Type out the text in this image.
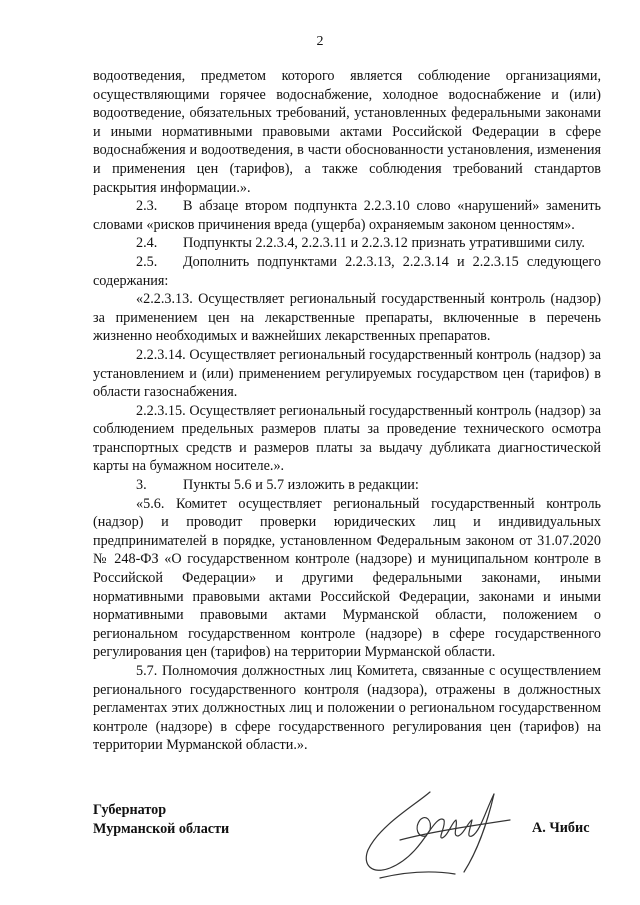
2

водоотведения, предметом которого является соблюдение организациями, осуществляющими горячее водоснабжение, холодное водоснабжение и (или) водоотведение, обязательных требований, установленных федеральными законами и иными нормативными правовыми актами Российской Федерации в сфере водоснабжения и водоотведения, в части обоснованности установления, изменения и применения цен (тарифов), а также соблюдения требований стандартов раскрытия информации.».

2.3. В абзаце втором подпункта 2.2.3.10 слово «нарушений» заменить словами «рисков причинения вреда (ущерба) охраняемым законом ценностям».

2.4. Подпункты 2.2.3.4, 2.2.3.11 и 2.2.3.12 признать утратившими силу.

2.5. Дополнить подпунктами 2.2.3.13, 2.2.3.14 и 2.2.3.15 следующего содержания:

«2.2.3.13. Осуществляет региональный государственный контроль (надзор) за применением цен на лекарственные препараты, включенные в перечень жизненно необходимых и важнейших лекарственных препаратов.

2.2.3.14. Осуществляет региональный государственный контроль (надзор) за установлением и (или) применением регулируемых государством цен (тарифов) в области газоснабжения.

2.2.3.15. Осуществляет региональный государственный контроль (надзор) за соблюдением предельных размеров платы за проведение технического осмотра транспортных средств и размеров платы за выдачу дубликата диагностической карты на бумажном носителе.».

3.	Пункты 5.6 и 5.7 изложить в редакции:

«5.6. Комитет осуществляет региональный государственный контроль (надзор) и проводит проверки юридических лиц и индивидуальных предпринимателей в порядке, установленном Федеральным законом от 31.07.2020 № 248-ФЗ «О государственном контроле (надзоре) и муниципальном контроле в Российской Федерации» и другими федеральными законами, иными нормативными правовыми актами Российской Федерации, законами и иными нормативными правовыми актами Мурманской области, положением о региональном государственном контроле (надзоре) в сфере государственного регулирования цен (тарифов) на территории Мурманской области.

5.7. Полномочия должностных лиц Комитета, связанные с осуществлением регионального государственного контроля (надзора), отражены в должностных регламентах этих должностных лиц и положении о региональном государственном контроле (надзоре) в сфере государственного регулирования цен (тарифов) на территории Мурманской области.».

Губернатор
Мурманской области	А. Чибис
